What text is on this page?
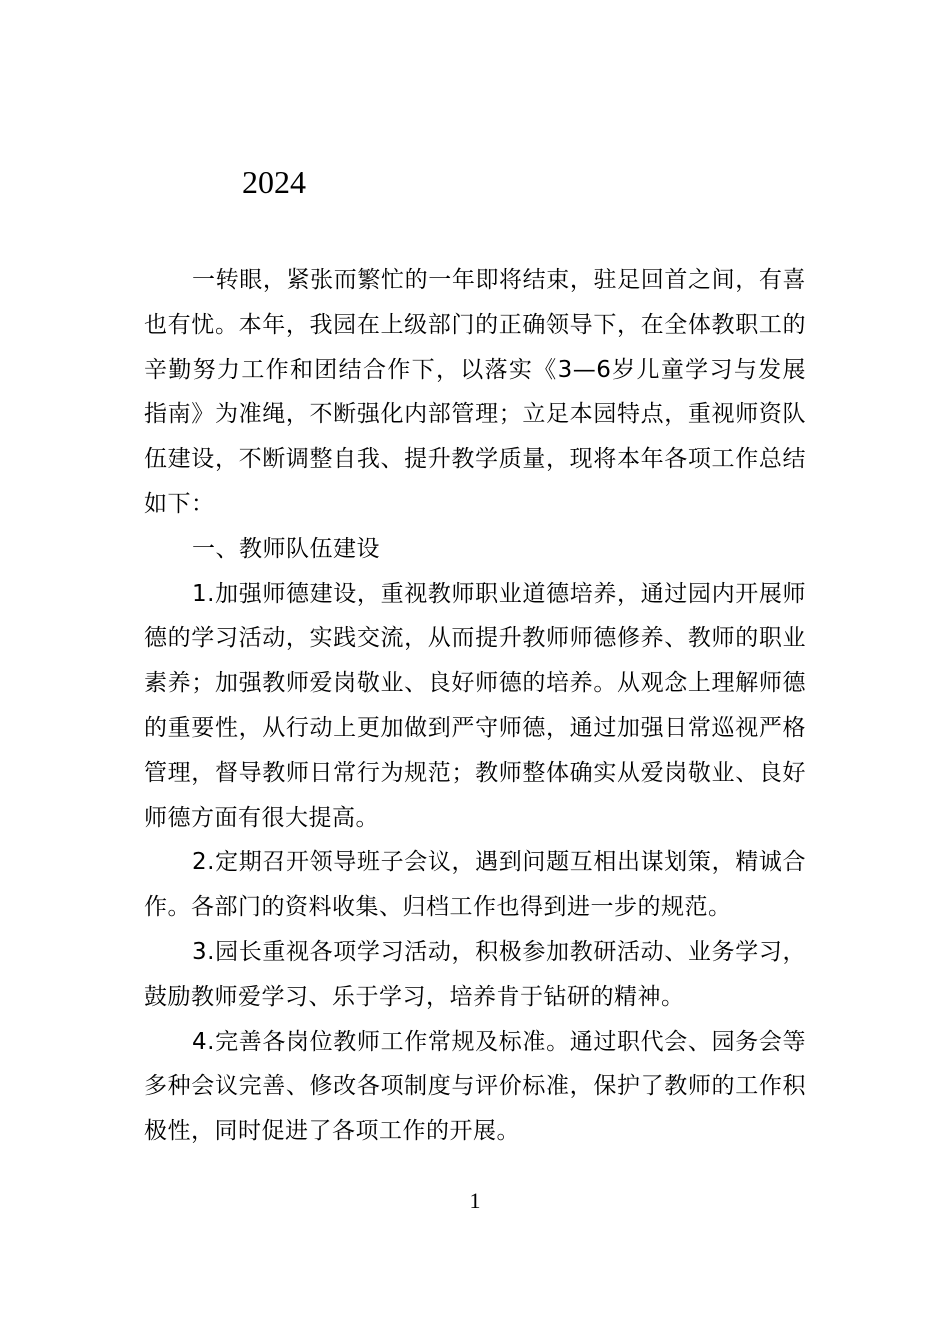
2024

一转眼，紧张而繁忙的一年即将结束，驻足回首之间，有喜也有忧。本年，我园在上级部门的正确领导下，在全体教职工的辛勤努力工作和团结合作下，以落实《3—6岁儿童学习与发展指南》为准绳，不断强化内部管理；立足本园特点，重视师资队伍建设，不断调整自我、提升教学质量，现将本年各项工作总结如下：

一、教师队伍建设

1.加强师德建设，重视教师职业道德培养，通过园内开展师德的学习活动，实践交流，从而提升教师师德修养、教师的职业素养；加强教师爱岗敬业、良好师德的培养。从观念上理解师德的重要性，从行动上更加做到严守师德，通过加强日常巡视严格管理，督导教师日常行为规范；教师整体确实从爱岗敬业、良好师德方面有很大提高。

2.定期召开领导班子会议，遇到问题互相出谋划策，精诚合作。各部门的资料收集、归档工作也得到进一步的规范。

3.园长重视各项学习活动，积极参加教研活动、业务学习，鼓励教师爱学习、乐于学习，培养肯于钻研的精神。

4.完善各岗位教师工作常规及标准。通过职代会、园务会等多种会议完善、修改各项制度与评价标准，保护了教师的工作积极性，同时促进了各项工作的开展。

1
